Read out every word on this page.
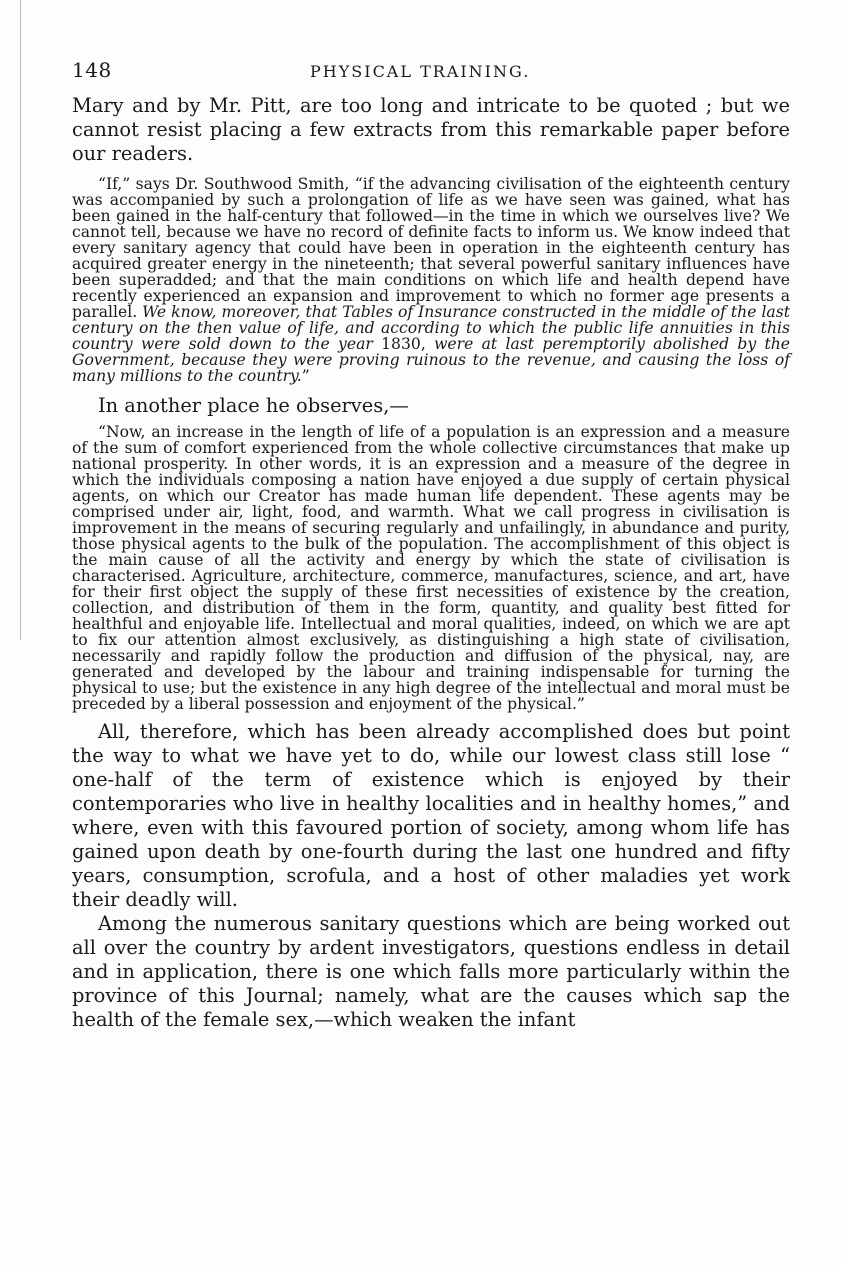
148	PHYSICAL TRAINING.

Mary and by Mr. Pitt, are too long and intricate to be quoted ; but we cannot resist placing a few extracts from this remarkable paper before our readers.

“If,” says Dr. Southwood Smith, “if the advancing civilisation of the eighteenth century was accompanied by such a prolongation of life as we have seen was gained, what has been gained in the half-century that followed—in the time in which we ourselves live? We cannot tell, because we have no record of definite facts to inform us. We know indeed that every sanitary agency that could have been in operation in the eighteenth century has acquired greater energy in the nineteenth; that several powerful sanitary influences have been superadded; and that the main conditions on which life and health depend have recently experienced an expansion and improvement to which no former age presents a parallel. We know, moreover, that Tables of Insurance constructed in the middle of the last century on the then value of life, and according to which the public life annuities in this country were sold down to the year 1830, were at last peremptorily abolished by the Government, because they were proving ruinous to the revenue, and causing the loss of many millions to the country.”

In another place he observes,—

“Now, an increase in the length of life of a population is an expression and a measure of the sum of comfort experienced from the whole collective circumstances that make up national prosperity. In other words, it is an expression and a measure of the degree in which the individuals composing a nation have enjoyed a due supply of certain physical agents, on which our Creator has made human life dependent. These agents may be comprised under air, light, food, and warmth. What we call progress in civilisation is improvement in the means of securing regularly and unfailingly, in abundance and purity, those physical agents to the bulk of the population. The accomplishment of this object is the main cause of all the activity and energy by which the state of civilisation is characterised. Agriculture, architecture, commerce, manufactures, science, and art, have for their first object the supply of these first necessities of existence by the creation, collection, and distribution of them in the form, quantity, and quality best fitted for healthful and enjoyable life. Intellectual and moral qualities, indeed, on which we are apt to fix our attention almost exclusively, as distinguishing a high state of civilisation, necessarily and rapidly follow the production and diffusion of the physical, nay, are generated and developed by the labour and training indispensable for turning the physical to use; but the existence in any high degree of the intellectual and moral must be preceded by a liberal possession and enjoyment of the physical.”

All, therefore, which has been already accomplished does but point the way to what we have yet to do, while our lowest class still lose “ one-half of the term of existence which is enjoyed by their contemporaries who live in healthy localities and in healthy homes,” and where, even with this favoured portion of society, among whom life has gained upon death by one-fourth during the last one hundred and fifty years, consumption, scrofula, and a host of other maladies yet work their deadly will.

Among the numerous sanitary questions which are being worked out all over the country by ardent investigators, questions endless in detail and in application, there is one which falls more particularly within the province of this Journal; namely, what are the causes which sap the health of the female sex,—which weaken the infant
